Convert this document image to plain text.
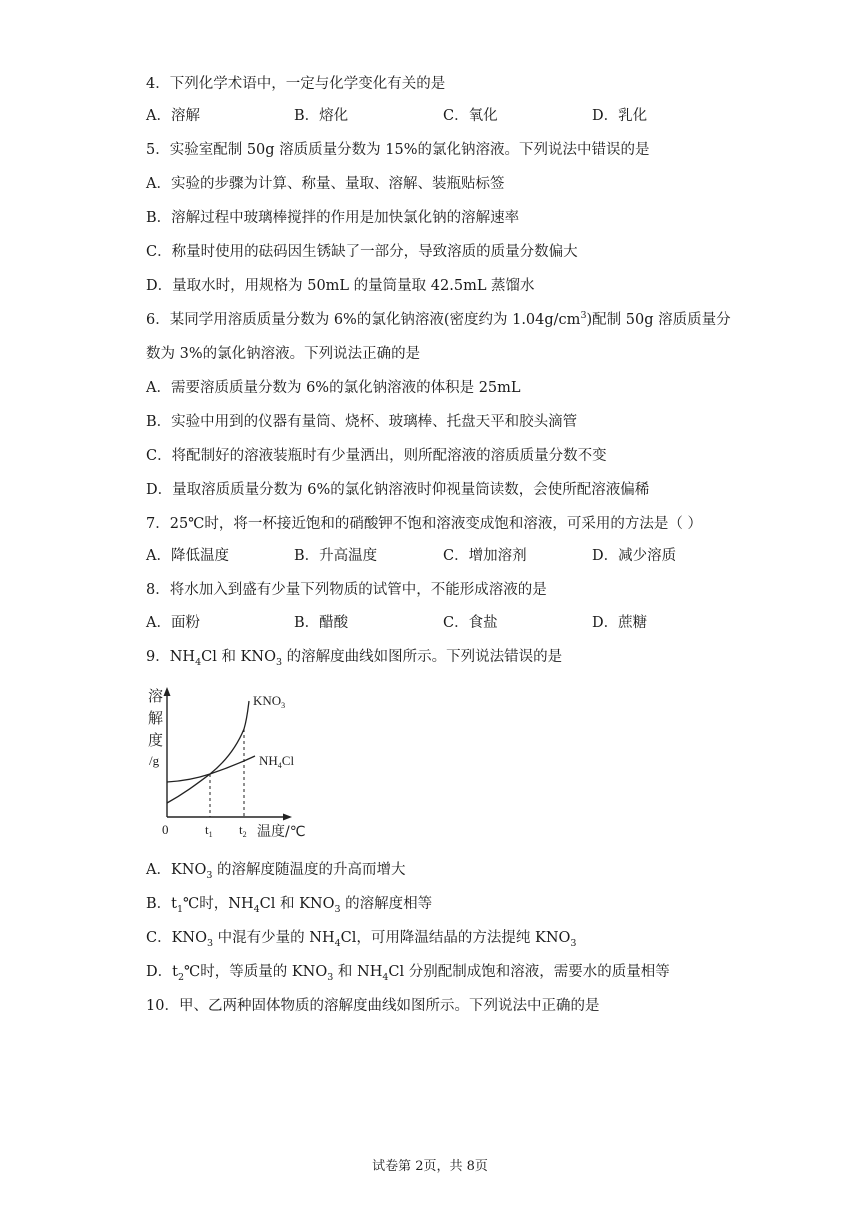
4．下列化学术语中，一定与化学变化有关的是
A．溶解	B．熔化	C．氧化	D．乳化
5．实验室配制 50g 溶质质量分数为 15%的氯化钠溶液。下列说法中错误的是
A．实验的步骤为计算、称量、量取、溶解、装瓶贴标签
B．溶解过程中玻璃棒搅拌的作用是加快氯化钠的溶解速率
C．称量时使用的砝码因生锈缺了一部分，导致溶质的质量分数偏大
D．量取水时，用规格为 50mL 的量筒量取 42.5mL 蒸馏水
6．某同学用溶质质量分数为 6%的氯化钠溶液(密度约为 $1.04g/cm^3$)配制 50g 溶质质量分
数为 3%的氯化钠溶液。下列说法正确的是
A．需要溶质质量分数为 6%的氯化钠溶液的体积是 25mL
B．实验中用到的仪器有量筒、烧杯、玻璃棒、托盘天平和胶头滴管
C．将配制好的溶液装瓶时有少量洒出，则所配溶液的溶质质量分数不变
D．量取溶质质量分数为 6%的氯化钠溶液时仰视量筒读数，会使所配溶液偏稀
7．25℃时，将一杯接近饱和的硝酸钾不饱和溶液变成饱和溶液，可采用的方法是（ ）
A．降低温度	B．升高温度	C．增加溶剂	D．减少溶质
8．将水加入到盛有少量下列物质的试管中，不能形成溶液的是
A．面粉	B．醋酸	C．食盐	D．蔗糖
9．$NH_4Cl$ 和 $KNO_3$ 的溶解度曲线如图所示。下列说法错误的是
溶
解
度
/g
0	$t_1$ $t_2$ 温度/℃
$KNO_3$
$NH_4Cl$
A．$KNO_3$ 的溶解度随温度的升高而增大
B．$t_1℃$时，$NH_4Cl$ 和 $KNO_3$ 的溶解度相等
C．$KNO_3$ 中混有少量的 $NH_4Cl$，可用降温结晶的方法提纯 $KNO_3$
D．$t_2℃$时，等质量的 $KNO_3$ 和 $NH_4Cl$ 分别配制成饱和溶液，需要水的质量相等
10．甲、乙两种固体物质的溶解度曲线如图所示。下列说法中正确的是
试卷第 2页，共 8页
